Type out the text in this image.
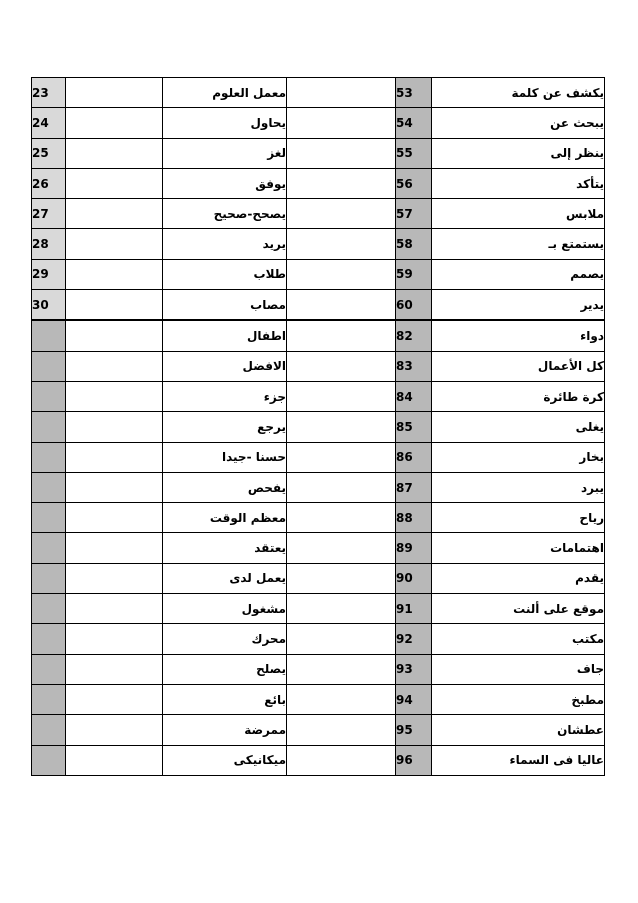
23		معمل العلوم		53	يكشف عن كلمة
24		يحاول		54	يبحث عن
25		لغز		55	ينظر إلى
26		يوفق		56	يتأكد
27		يصحح-صحيح		57	ملابس
28		يريد		58	يستمتع بـ
29		طلاب		59	يصمم
30		مصاب		60	يدير
		اطفال		82	دواء
		الافضل		83	كل الأعمال
		جزء		84	كرة طائرة
		يرجع		85	يغلى
		حسنا -جيدا		86	بخار
		يفحص		87	يبرد
		معظم الوقت		88	رياح
		يعتقد		89	اهتمامات
		يعمل لدى		90	يقدم
		مشغول		91	موقع على ألنت
		محرك		92	مكتب
		يصلح		93	جاف
		بائع		94	مطبخ
		ممرضة		95	عطشان
		ميكانيكى		96	عاليا فى السماء
